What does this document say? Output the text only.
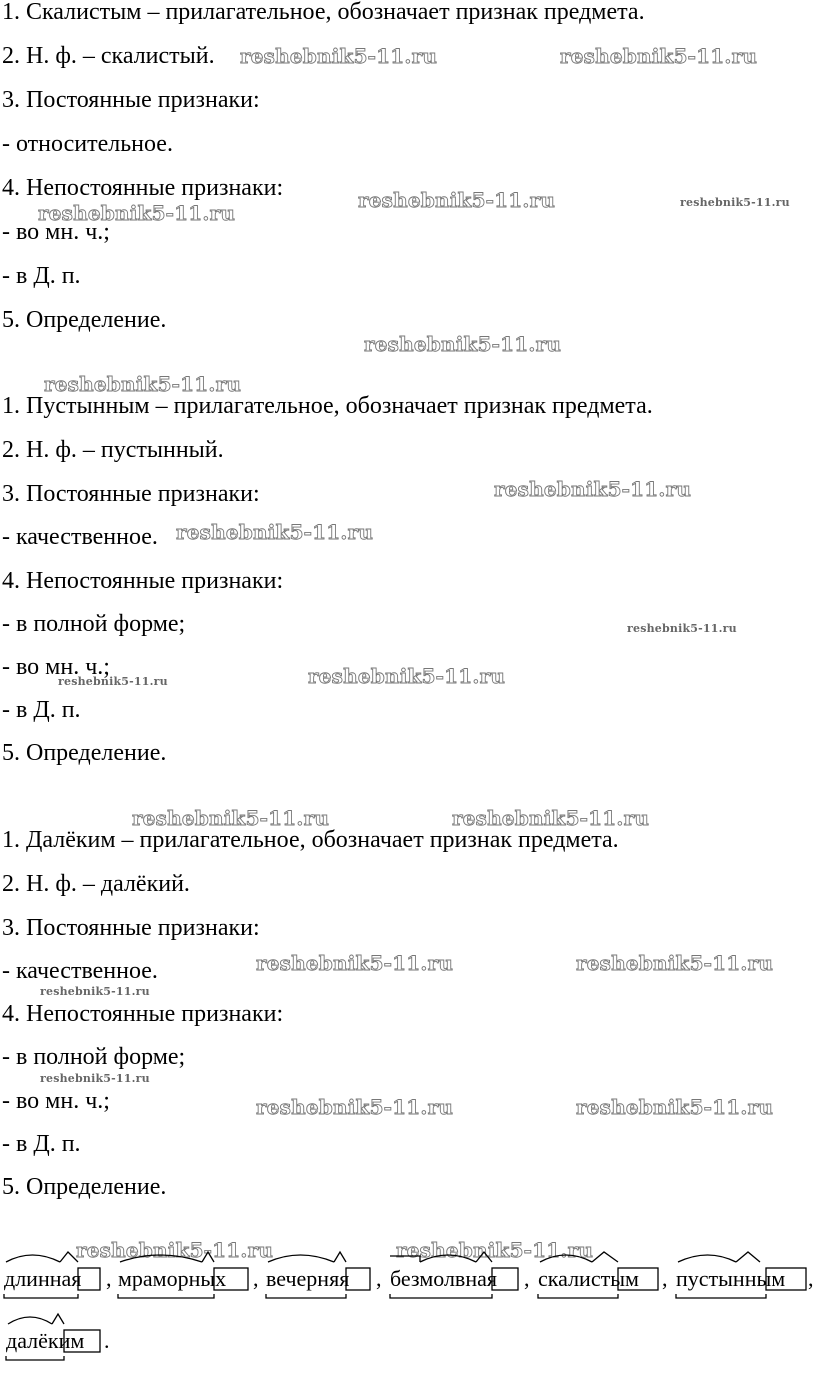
1. Скалистым – прилагательное, обозначает признак предмета.
2. Н. ф. – скалистый.
3. Постоянные признаки:
- относительное.
4. Непостоянные признаки:
- во мн. ч.;
- в Д. п.
5. Определение.
1. Пустынным – прилагательное, обозначает признак предмета.
2. Н. ф. – пустынный.
3. Постоянные признаки:
- качественное.
4. Непостоянные признаки:
- в полной форме;
- во мн. ч.;
- в Д. п.
5. Определение.
1. Далёким – прилагательное, обозначает признак предмета.
2. Н. ф. – далёкий.
3. Постоянные признаки:
- качественное.
4. Непостоянные признаки:
- в полной форме;
- во мн. ч.;
- в Д. п.
5. Определение.
reshebnik5-11.ru	reshebnik5-11.ru
reshebnik5-11.ru	reshebnik5-11.ru
reshebnik5-11.ru
reshebnik5-11.ru
reshebnik5-11.ru
reshebnik5-11.ru
reshebnik5-11.ru
reshebnik5-11.ru
reshebnik5-11.ru
reshebnik5-11.ru
reshebnik5-11.ru	reshebnik5-11.ru
reshebnik5-11.ru	reshebnik5-11.ru
reshebnik5-11.ru
reshebnik5-11.ru
reshebnik5-11.ru	reshebnik5-11.ru
reshebnik5-11.ru	reshebnik5-11.ru
длинная , мраморных , вечерняя , безмолвная , скалистым , пустынным ,
далёким .
